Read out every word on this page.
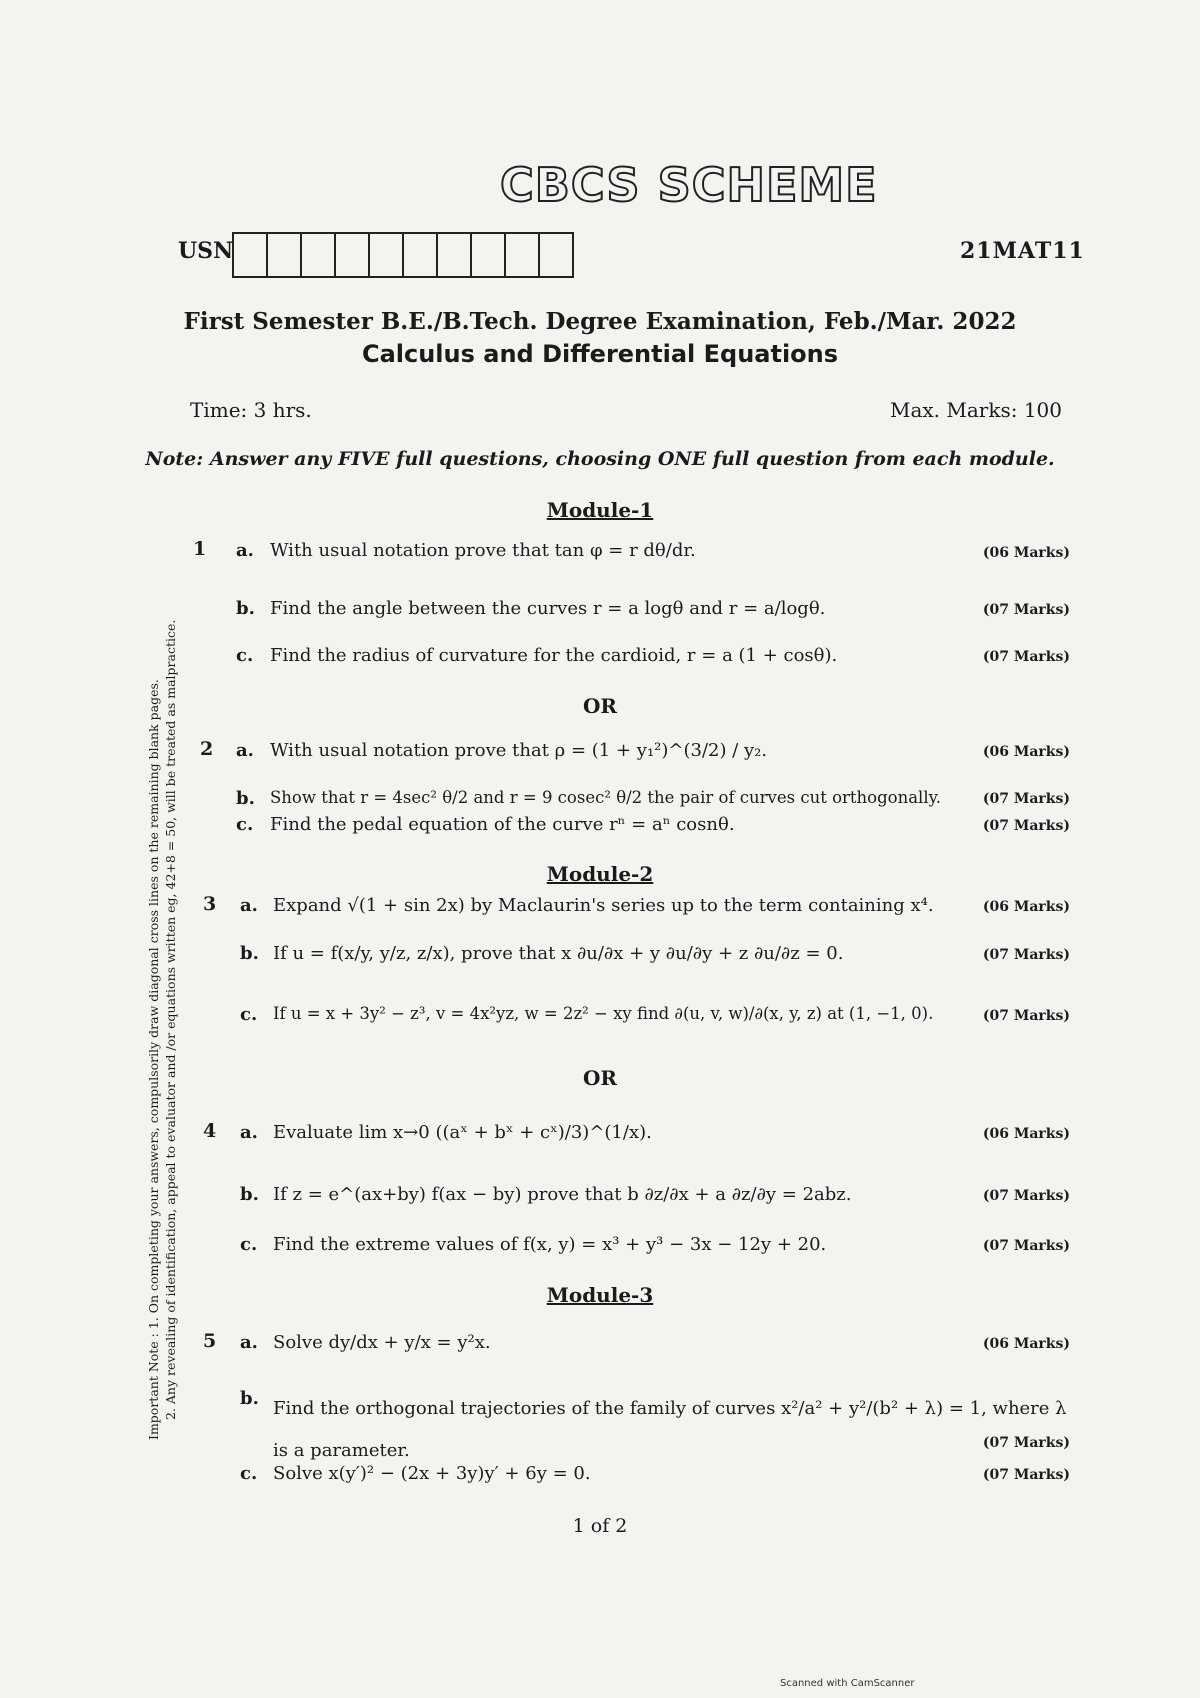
CBCS SCHEME
USN	21MAT11
First Semester B.E./B.Tech. Degree Examination, Feb./Mar. 2022
Calculus and Differential Equations
Time: 3 hrs.	Max. Marks: 100
Note: Answer any FIVE full questions, choosing ONE full question from each module.
Important Note : 1. On completing your answers, compulsorily draw diagonal cross lines on the remaining blank pages. 2. Any revealing of identification, appeal to evaluator and /or equations written eg, 42+8 = 50, will be treated as malpractice.
Module-1
1 a. With usual notation prove that tan φ = r dθ/dr.	(06 Marks)
b. Find the angle between the curves r = a logθ and r = a/logθ.	(07 Marks)
c. Find the radius of curvature for the cardioid, r = a (1 + cosθ).	(07 Marks)
OR
2 a. With usual notation prove that ρ = (1 + y₁²)^(3/2) / y₂.	(06 Marks)
b. Show that r = 4sec² θ/2 and r = 9 cosec² θ/2 the pair of curves cut orthogonally.	(07 Marks)
c. Find the pedal equation of the curve rⁿ = aⁿ cosnθ.	(07 Marks)
Module-2
3 a. Expand √(1 + sin 2x) by Maclaurin's series up to the term containing x⁴.	(06 Marks)
b. If u = f(x/y, y/z, z/x), prove that x ∂u/∂x + y ∂u/∂y + z ∂u/∂z = 0.	(07 Marks)
c. If u = x + 3y² − z³, v = 4x²yz, w = 2z² − xy find ∂(u, v, w)/∂(x, y, z) at (1, −1, 0).	(07 Marks)
OR
4 a. Evaluate lim x→0 ((aˣ + bˣ + cˣ)/3)^(1/x).	(06 Marks)
b. If z = e^(ax+by) f(ax − by) prove that b ∂z/∂x + a ∂z/∂y = 2abz.	(07 Marks)
c. Find the extreme values of f(x, y) = x³ + y³ − 3x − 12y + 20.	(07 Marks)
Module-3
5 a. Solve dy/dx + y/x = y²x.	(06 Marks)
b. Find the orthogonal trajectories of the family of curves x²/a² + y²/(b² + λ) = 1, where λ is a parameter.	(07 Marks)
c. Solve x(y′)² − (2x + 3y)y′ + 6y = 0.	(07 Marks)
1 of 2
Scanned with CamScanner
